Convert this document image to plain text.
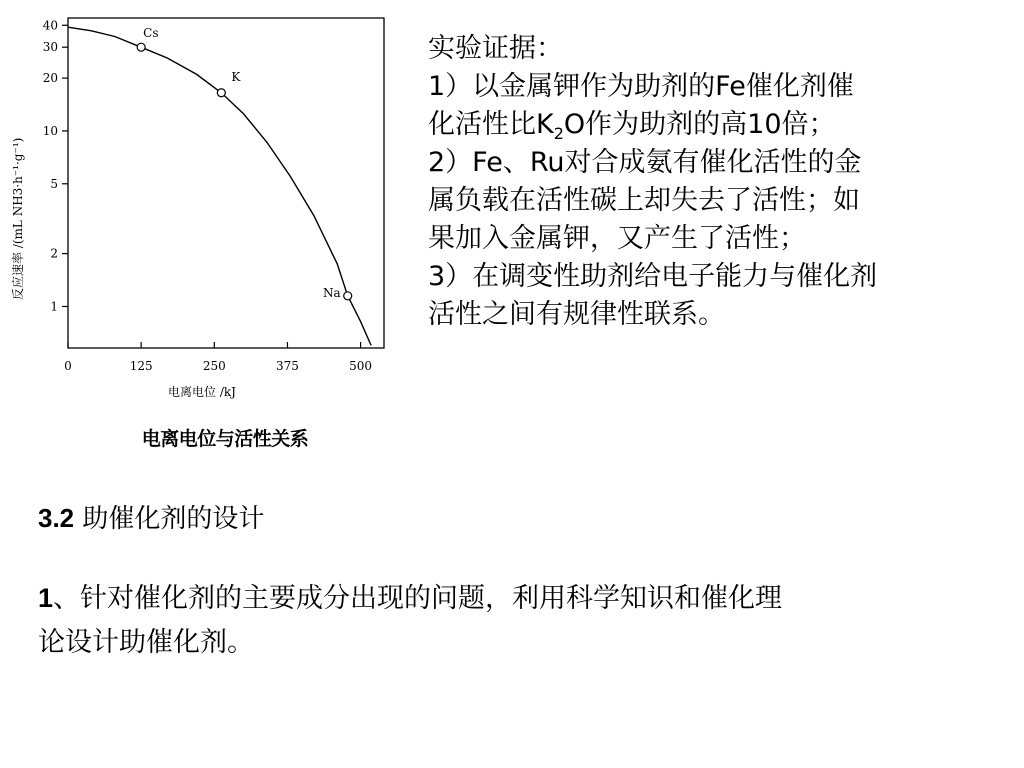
0	125	250	375	500
1
2
5
10
20
30
40
Cs
K
Na
电离电位 /kJ
反应速率 /(mL NH3·h⁻¹·g⁻¹)
电离电位与活性关系
实验证据：
1）以金属钾作为助剂的Fe催化剂催
化活性比$K_2O$作为助剂的高10倍；
2）Fe、Ru对合成氨有催化活性的金
属负载在活性碳上却失去了活性；如
果加入金属钾，又产生了活性；
3）在调变性助剂给电子能力与催化剂
活性之间有规律性联系。
3.2 助催化剂的设计
1、针对催化剂的主要成分出现的问题，利用科学知识和催化理
论设计助催化剂。
